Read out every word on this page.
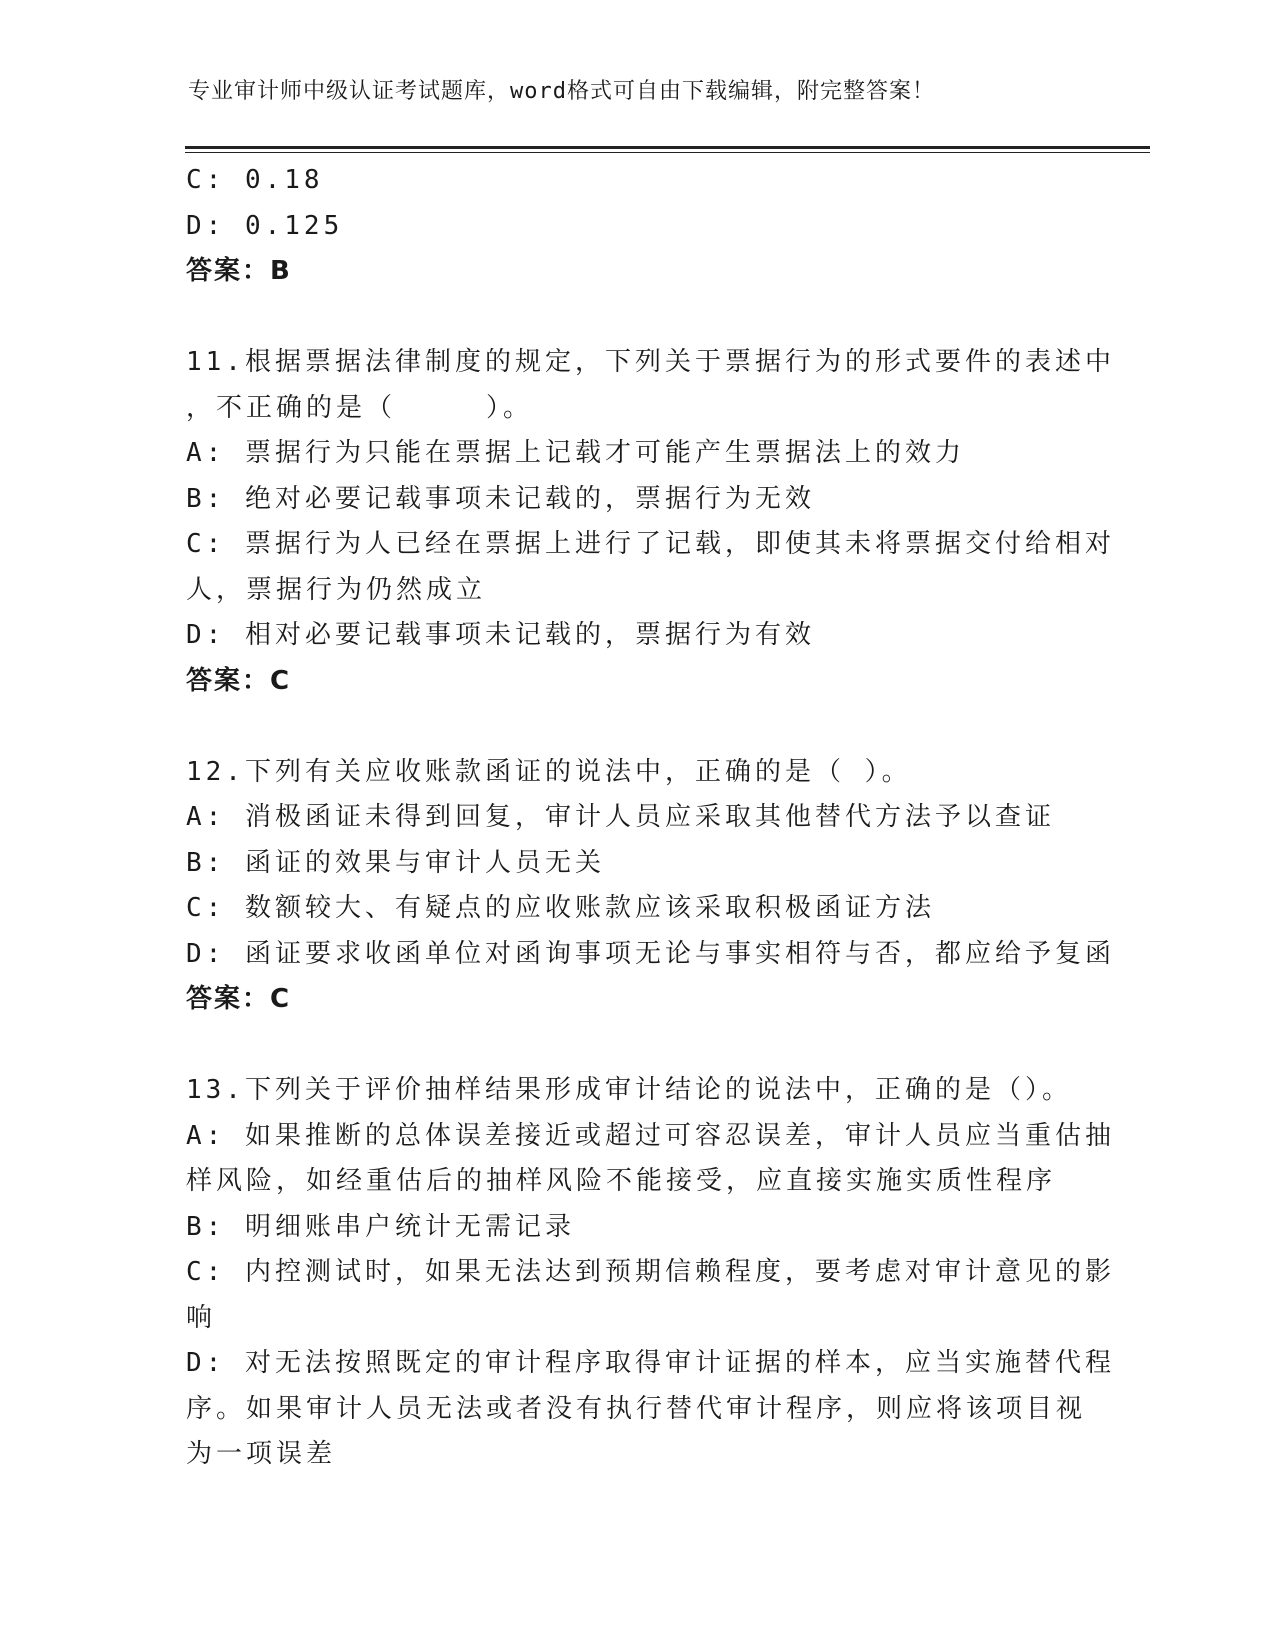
专业审计师中级认证考试题库，word格式可自由下载编辑，附完整答案！
C: 0.18
D: 0.125
答案：B
11.根据票据法律制度的规定，下列关于票据行为的形式要件的表述中
，不正确的是（　　　）。
A: 票据行为只能在票据上记载才可能产生票据法上的效力
B: 绝对必要记载事项未记载的，票据行为无效
C: 票据行为人已经在票据上进行了记载，即使其未将票据交付给相对
人，票据行为仍然成立
D: 相对必要记载事项未记载的，票据行为有效
答案：C
12.下列有关应收账款函证的说法中，正确的是（ ）。
A: 消极函证未得到回复，审计人员应采取其他替代方法予以查证
B: 函证的效果与审计人员无关
C: 数额较大、有疑点的应收账款应该采取积极函证方法
D: 函证要求收函单位对函询事项无论与事实相符与否，都应给予复函
答案：C
13.下列关于评价抽样结果形成审计结论的说法中，正确的是（）。
A: 如果推断的总体误差接近或超过可容忍误差，审计人员应当重估抽
样风险，如经重估后的抽样风险不能接受，应直接实施实质性程序
B: 明细账串户统计无需记录
C: 内控测试时，如果无法达到预期信赖程度，要考虑对审计意见的影
响
D: 对无法按照既定的审计程序取得审计证据的样本，应当实施替代程
序。如果审计人员无法或者没有执行替代审计程序，则应将该项目视
为一项误差
